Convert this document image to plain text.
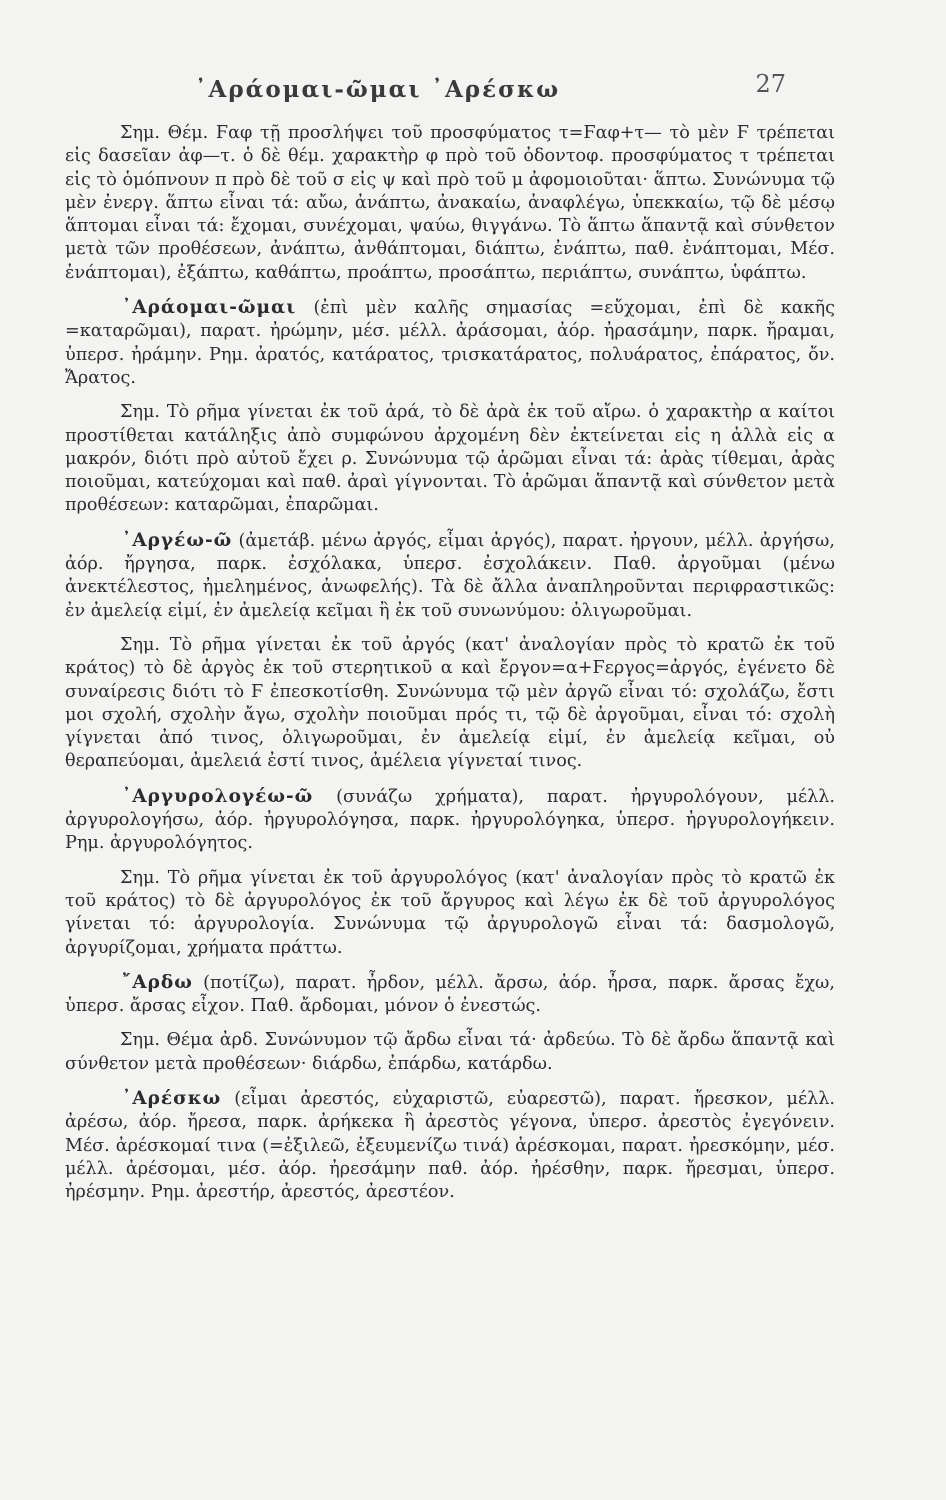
᾿Αράομαι-ῶμαι ᾿Αρέσκω	27

Σημ. Θέμ. Ϝαφ τῇ προσλήψει τοῦ προσφύματος τ=Ϝαφ+τ— τὸ μὲν Ϝ τρέπεται εἰς δασεῖαν ἀφ—τ. ὁ δὲ θέμ. χαρακτὴρ φ πρὸ τοῦ ὀδοντοφ. προσφύματος τ τρέπεται εἰς τὸ ὁμόπνουν π πρὸ δὲ τοῦ σ εἰς ψ καὶ πρὸ τοῦ μ ἀφομοιοῦται· ἅπτω. Συνώνυμα τῷ μὲν ἐνεργ. ἅπτω εἶναι τά: αὔω, ἀνάπτω, ἀνακαίω, ἀναφλέγω, ὑπεκκαίω, τῷ δὲ μέσῳ ἅπτομαι εἶναι τά: ἔχομαι, συνέχομαι, ψαύω, θιγγάνω. Τὸ ἅπτω ἅπαντᾷ καὶ σύνθετον μετὰ τῶν προθέσεων, ἀνάπτω, ἀνθάπτομαι, διάπτω, ἐνάπτω, παθ. ἐνάπτομαι, Μέσ. ἐνάπτομαι), ἐξάπτω, καθάπτω, προάπτω, προσάπτω, περιάπτω, συνάπτω, ὑφάπτω.

᾿Αράομαι-ῶμαι (ἐπὶ μὲν καλῆς σημασίας =εὔχομαι, ἐπὶ δὲ κακῆς =καταρῶμαι), παρατ. ἠρώμην, μέσ. μέλλ. ἀράσομαι, ἀόρ. ἠρασάμην, παρκ. ἤραμαι, ὑπερσ. ἠράμην. Ρημ. ἀρατός, κατάρατος, τρισκατάρατος, πολυάρατος, ἐπάρατος, ὄν. Ἄρατος.

Σημ. Τὸ ρῆμα γίνεται ἐκ τοῦ ἀρά, τὸ δὲ ἀρὰ ἐκ τοῦ αἴρω. ὁ χαρακτὴρ α καίτοι προστίθεται κατάληξις ἀπὸ συμφώνου ἀρχομένη δὲν ἐκτείνεται εἰς η ἀλλὰ εἰς α μακρόν, διότι πρὸ αὐτοῦ ἔχει ρ. Συνώνυμα τῷ ἀρῶμαι εἶναι τά: ἀρὰς τίθεμαι, ἀρὰς ποιοῦμαι, κατεύχομαι καὶ παθ. ἀραὶ γίγνονται. Τὸ ἀρῶμαι ἅπαντᾷ καὶ σύνθετον μετὰ προθέσεων: καταρῶμαι, ἐπαρῶμαι.

᾿Αργέω-ῶ (ἀμετάβ. μένω ἀργός, εἶμαι ἀργός), παρατ. ἠργουν, μέλλ. ἀργήσω, ἀόρ. ἤργησα, παρκ. ἐσχόλακα, ὑπερσ. ἐσχολάκειν. Παθ. ἀργοῦμαι (μένω ἀνεκτέλεστος, ἠμελημένος, ἀνωφελής). Τὰ δὲ ἄλλα ἀναπληροῦνται περιφραστικῶς: ἐν ἀμελείᾳ εἰμί, ἐν ἀμελείᾳ κεῖμαι ἢ ἐκ τοῦ συνωνύμου: ὀλιγωροῦμαι.

Σημ. Τὸ ρῆμα γίνεται ἐκ τοῦ ἀργός (κατ' ἀναλογίαν πρὸς τὸ κρατῶ ἐκ τοῦ κράτος) τὸ δὲ ἀργὸς ἐκ τοῦ στερητικοῦ α καὶ ἔργον=α+Ϝεργος=ἀργός, ἐγένετο δὲ συναίρεσις διότι τὸ Ϝ ἐπεσκοτίσθη. Συνώνυμα τῷ μὲν ἀργῶ εἶναι τό: σχολάζω, ἔστι μοι σχολή, σχολὴν ἄγω, σχολὴν ποιοῦμαι πρός τι, τῷ δὲ ἀργοῦμαι, εἶναι τό: σχολὴ γίγνεται ἀπό τινος, ὀλιγωροῦμαι, ἐν ἀμελείᾳ εἰμί, ἐν ἀμελείᾳ κεῖμαι, οὐ θεραπεύομαι, ἀμελειά ἐστί τινος, ἀμέλεια γίγνεταί τινος.

᾿Αργυρολογέω-ῶ (συνάζω χρήματα), παρατ. ἠργυρολόγουν, μέλλ. ἀργυρολογήσω, ἀόρ. ἠργυρολόγησα, παρκ. ἠργυρολόγηκα, ὑπερσ. ἠργυρολογήκειν. Ρημ. ἀργυρολόγητος.

Σημ. Τὸ ρῆμα γίνεται ἐκ τοῦ ἀργυρολόγος (κατ' ἀναλογίαν πρὸς τὸ κρατῶ ἐκ τοῦ κράτος) τὸ δὲ ἀργυρολόγος ἐκ τοῦ ἄργυρος καὶ λέγω ἐκ δὲ τοῦ ἀργυρολόγος γίνεται τό: ἀργυρολογία. Συνώνυμα τῷ ἀργυρολογῶ εἶναι τά: δασμολογῶ, ἀργυρίζομαι, χρήματα πράττω.

῎Αρδω (ποτίζω), παρατ. ἦρδον, μέλλ. ἄρσω, ἀόρ. ἦρσα, παρκ. ἄρσας ἔχω, ὑπερσ. ἄρσας εἶχον. Παθ. ἄρδομαι, μόνον ὁ ἐνεστώς.

Σημ. Θέμα ἀρδ. Συνώνυμον τῷ ἄρδω εἶναι τά· ἀρδεύω. Τὸ δὲ ἄρδω ἅπαντᾷ καὶ σύνθετον μετὰ προθέσεων· διάρδω, ἐπάρδω, κατάρδω.

᾿Αρέσκω (εἶμαι ἀρεστός, εὐχαριστῶ, εὐαρεστῶ), παρατ. ἤρεσκον, μέλλ. ἀρέσω, ἀόρ. ἤρεσα, παρκ. ἀρήκεκα ἢ ἀρεστὸς γέγονα, ὑπερσ. ἀρεστὸς ἐγεγόνειν. Μέσ. ἀρέσκομαί τινα (=ἐξιλεῶ, ἐξευμενίζω τινά) ἀρέσκομαι, παρατ. ἠρεσκόμην, μέσ. μέλλ. ἀρέσομαι, μέσ. ἀόρ. ἠρεσάμην παθ. ἀόρ. ἠρέσθην, παρκ. ἤρεσμαι, ὑπερσ. ἠρέσμην. Ρημ. ἀρεστήρ, ἀρεστός, ἀρεστέον.
